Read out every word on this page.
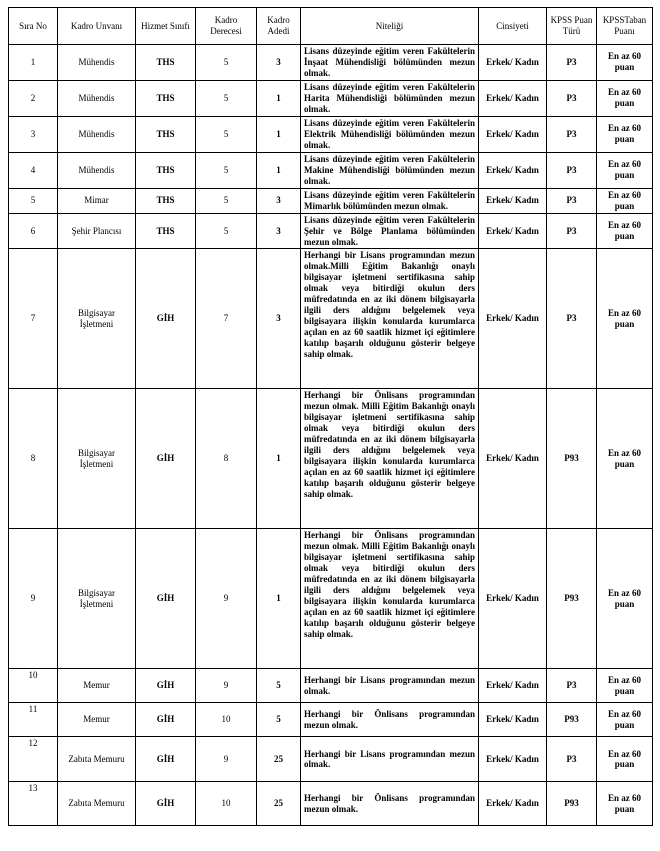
Sıra No	Kadro Unvanı	Hizmet Sınıfı	Kadro Derecesi	Kadro Adedi	Niteliği	Cinsiyeti	KPSS Puan Türü	KPSSTaban Puanı
1	Mühendis	THS	5	3	Lisans düzeyinde eğitim veren Fakültelerin İnşaat Mühendisliği bölümünden mezun olmak.	Erkek/ Kadın	P3	En az 60 puan
2	Mühendis	THS	5	1	Lisans düzeyinde eğitim veren Fakültelerin Harita Mühendisliği bölümünden mezun olmak.	Erkek/ Kadın	P3	En az 60 puan
3	Mühendis	THS	5	1	Lisans düzeyinde eğitim veren Fakültelerin Elektrik Mühendisliği bölümünden mezun olmak.	Erkek/ Kadın	P3	En az 60 puan
4	Mühendis	THS	5	1	Lisans düzeyinde eğitim veren Fakültelerin Makine Mühendisliği bölümünden mezun olmak.	Erkek/ Kadın	P3	En az 60 puan
5	Mimar	THS	5	3	Lisans düzeyinde eğitim veren Fakültelerin Mimarlık bölümünden mezun olmak.	Erkek/ Kadın	P3	En az 60 puan
6	Şehir Plancısı	THS	5	3	Lisans düzeyinde eğitim veren Fakültelerin Şehir ve Bölge Planlama bölümünden mezun olmak.	Erkek/ Kadın	P3	En az 60 puan
7	Bilgisayar İşletmeni	GİH	7	3	Herhangi bir Lisans programından mezun olmak.Milli Eğitim Bakanlığı onaylı bilgisayar işletmeni sertifikasına sahip olmak veya bitirdiği okulun ders müfredatında en az iki dönem bilgisayarla ilgili ders aldığını belgelemek veya bilgisayara ilişkin konularda kurumlarca açılan en az 60 saatlik hizmet içi eğitimlere katılıp başarılı olduğunu gösterir belgeye sahip olmak.	Erkek/ Kadın	P3	En az 60 puan
8	Bilgisayar İşletmeni	GİH	8	1	Herhangi bir Önlisans programından mezun olmak. Milli Eğitim Bakanlığı onaylı bilgisayar işletmeni sertifikasına sahip olmak veya bitirdiği okulun ders müfredatında en az iki dönem bilgisayarla ilgili ders aldığını belgelemek veya bilgisayara ilişkin konularda kurumlarca açılan en az 60 saatlik hizmet içi eğitimlere katılıp başarılı olduğunu gösterir belgeye sahip olmak.	Erkek/ Kadın	P93	En az 60 puan
9	Bilgisayar İşletmeni	GİH	9	1	Herhangi bir Önlisans programından mezun olmak. Milli Eğitim Bakanlığı onaylı bilgisayar işletmeni sertifikasına sahip olmak veya bitirdiği okulun ders müfredatında en az iki dönem bilgisayarla ilgili ders aldığını belgelemek veya bilgisayara ilişkin konularda kurumlarca açılan en az 60 saatlik hizmet içi eğitimlere katılıp başarılı olduğunu gösterir belgeye sahip olmak.	Erkek/ Kadın	P93	En az 60 puan
10	Memur	GİH	9	5	Herhangi bir Lisans programından mezun olmak.	Erkek/ Kadın	P3	En az 60 puan
11	Memur	GİH	10	5	Herhangi bir Önlisans programından mezun olmak.	Erkek/ Kadın	P93	En az 60 puan
12	Zabıta Memuru	GİH	9	25	Herhangi bir Lisans programından mezun olmak.	Erkek/ Kadın	P3	En az 60 puan
13	Zabıta Memuru	GİH	10	25	Herhangi bir Önlisans programından mezun olmak.	Erkek/ Kadın	P93	En az 60 puan
